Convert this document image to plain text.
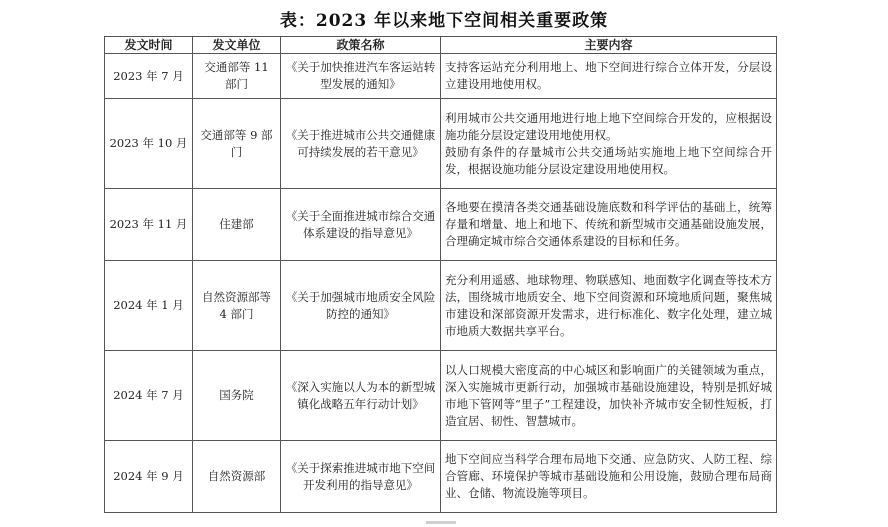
表：2023 年以来地下空间相关重要政策
发文时间	发文单位	政策名称	主要内容
2023 年 7 月	交通部等 11 部门	《关于加快推进汽车客运站转型发展的通知》	支持客运站充分利用地上、地下空间进行综合立体开发，分层设立建设用地使用权。

2023 年 10 月	交通部等 9 部门	《关于推进城市公共交通健康可持续发展的若干意见》	利用城市公共交通用地进行地上地下空间综合开发的，应根据设施功能分层设定建设用地使用权。

鼓励有条件的存量城市公共交通场站实施地上地下空间综合开发，根据设施功能分层设定建设用地使用权。

2023 年 11 月	住建部	《关于全面推进城市综合交通体系建设的指导意见》	各地要在摸清各类交通基础设施底数和科学评估的基础上，统筹存量和增量、地上和地下、传统和新型城市交通基础设施发展，合理确定城市综合交通体系建设的目标和任务。

2024 年 1 月	自然资源部等 4 部门	《关于加强城市地质安全风险防控的通知》	充分利用遥感、地球物理、物联感知、地面数字化调查等技术方法，围绕城市地质安全、地下空间资源和环境地质问题，聚焦城市建设和深部资源开发需求，进行标准化、数字化处理，建立城市地质大数据共享平台。

2024 年 7 月	国务院	《深入实施以人为本的新型城镇化战略五年行动计划》	以人口规模大密度高的中心城区和影响面广的关键领域为重点，深入实施城市更新行动，加强城市基础设施建设，特别是抓好城市地下管网等“里子”工程建设，加快补齐城市安全韧性短板，打造宜居、韧性、智慧城市。

2024 年 9 月	自然资源部	《关于探索推进城市地下空间开发利用的指导意见》	地下空间应当科学合理布局地下交通、应急防灾、人防工程、综合管廊、环境保护等城市基础设施和公用设施，鼓励合理布局商业、仓储、物流设施等项目。
